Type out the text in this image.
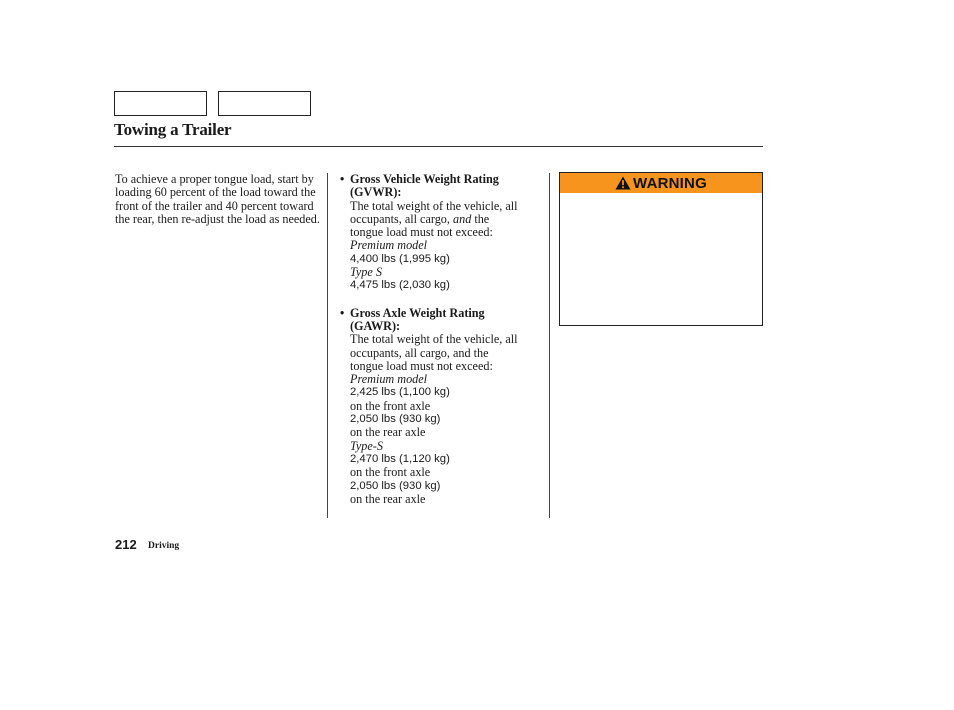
Towing a Trailer
To achieve a proper tongue load, start by loading 60 percent of the load toward the front of the trailer and 40 percent toward the rear, then re-adjust the load as needed.
• Gross Vehicle Weight Rating
(GVWR):
The total weight of the vehicle, all
occupants, all cargo, and the
tongue load must not exceed:
Premium model
4,400 lbs (1,995 kg)
Type S
4,475 lbs (2,030 kg)
• Gross Axle Weight Rating
(GAWR):
The total weight of the vehicle, all
occupants, all cargo, and the
tongue load must not exceed:
Premium model
2,425 lbs (1,100 kg)
on the front axle
2,050 lbs (930 kg)
on the rear axle
Type-S
2,470 lbs (1,120 kg)
on the front axle
2,050 lbs (930 kg)
on the rear axle
WARNING
212 Driving
